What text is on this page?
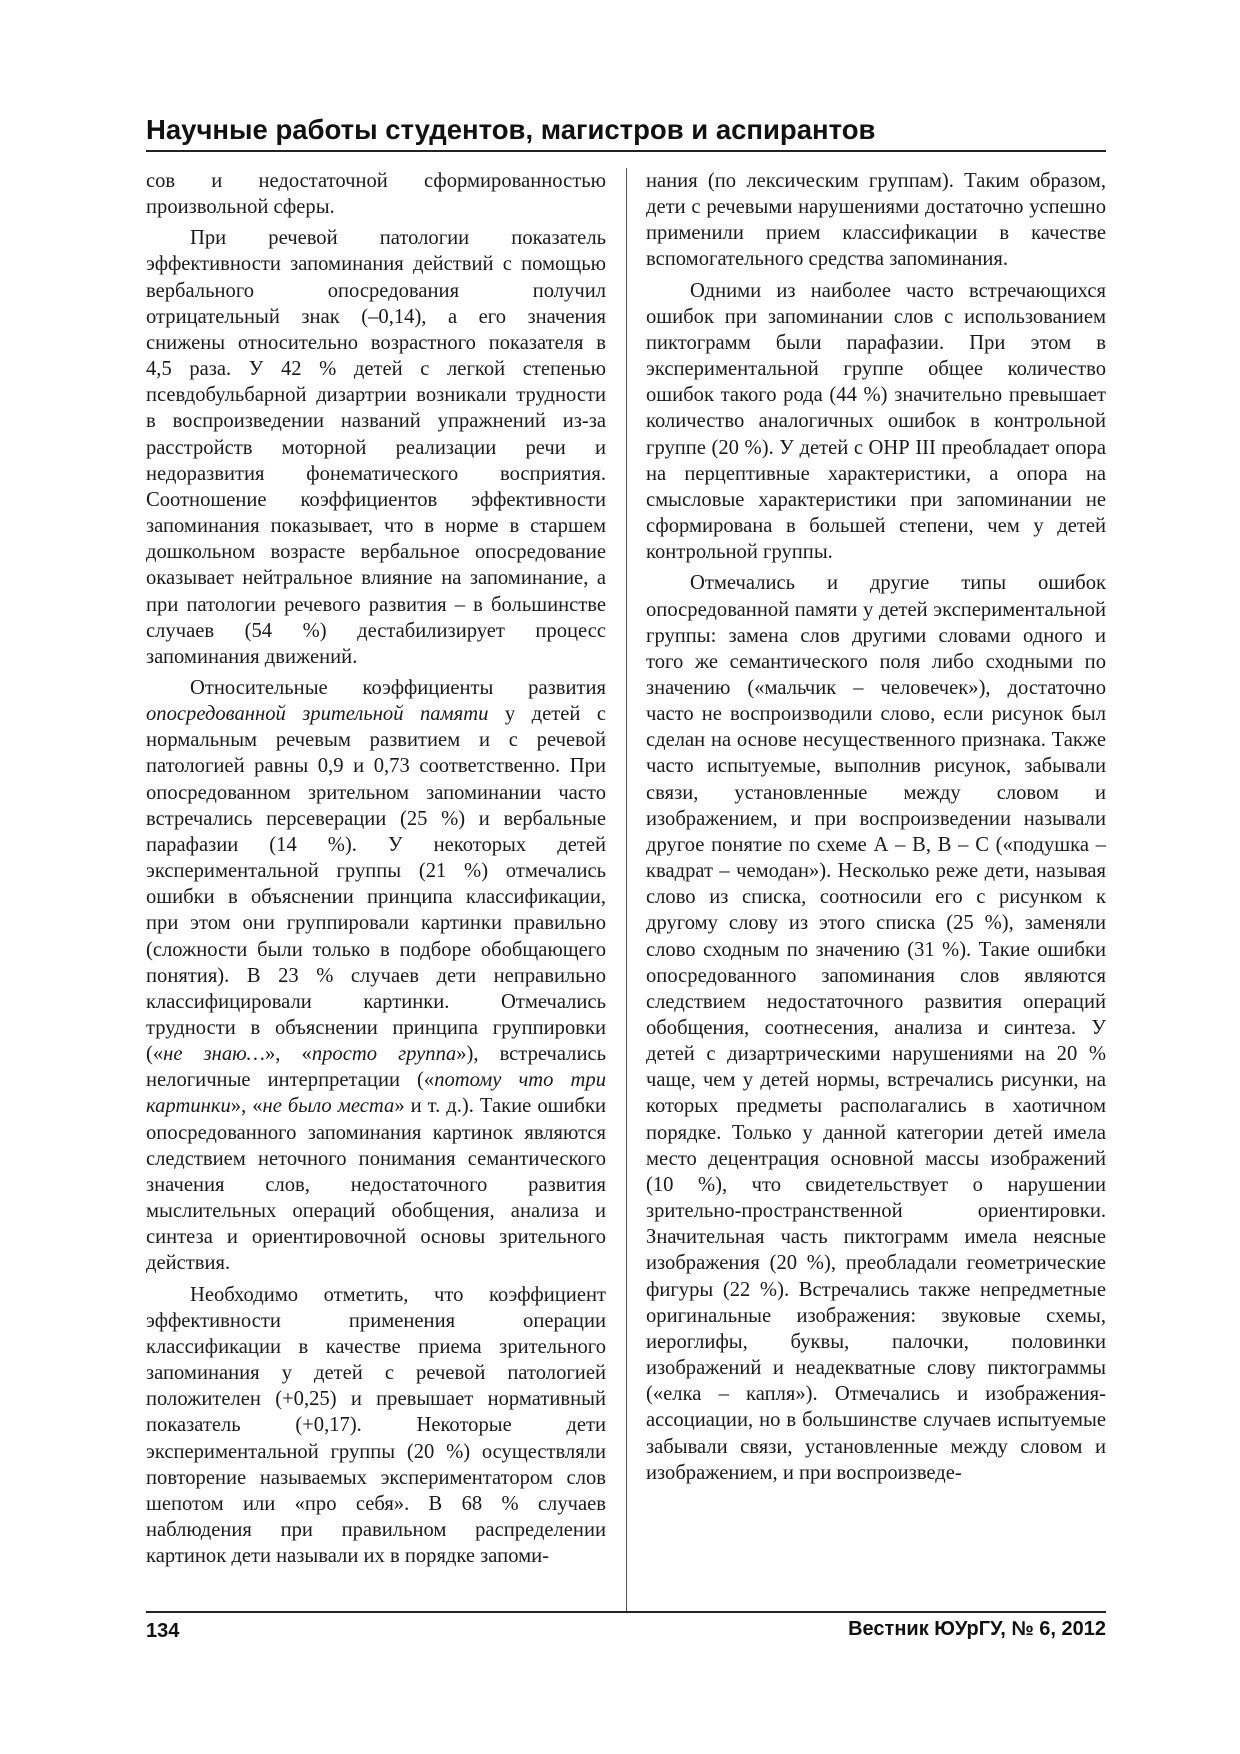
Научные работы студентов, магистров и аспирантов

сов и недостаточной сформированностью произвольной сферы.

При речевой патологии показатель эффективности запоминания действий с помощью вербального опосредования получил отрицательный знак (–0,14), а его значения снижены относительно возрастного показателя в 4,5 раза. У 42 % детей с легкой степенью псевдобульбарной дизартрии возникали трудности в воспроизведении названий упражнений из-за расстройств моторной реализации речи и недоразвития фонематического восприятия. Соотношение коэффициентов эффективности запоминания показывает, что в норме в старшем дошкольном возрасте вербальное опосредование оказывает нейтральное влияние на запоминание, а при патологии речевого развития – в большинстве случаев (54 %) дестабилизирует процесс запоминания движений.

Относительные коэффициенты развития опосредованной зрительной памяти у детей с нормальным речевым развитием и с речевой патологией равны 0,9 и 0,73 соответственно. При опосредованном зрительном запоминании часто встречались персеверации (25 %) и вербальные парафазии (14 %). У некоторых детей экспериментальной группы (21 %) отмечались ошибки в объяснении принципа классификации, при этом они группировали картинки правильно (сложности были только в подборе обобщающего понятия). В 23 % случаев дети неправильно классифицировали картинки. Отмечались трудности в объяснении принципа группировки («не знаю…», «просто группа»), встречались нелогичные интерпретации («потому что три картинки», «не было места» и т. д.). Такие ошибки опосредованного запоминания картинок являются следствием неточного понимания семантического значения слов, недостаточного развития мыслительных операций обобщения, анализа и синтеза и ориентировочной основы зрительного действия.

Необходимо отметить, что коэффициент эффективности применения операции классификации в качестве приема зрительного запоминания у детей с речевой патологией положителен (+0,25) и превышает нормативный показатель (+0,17). Некоторые дети экспериментальной группы (20 %) осуществляли повторение называемых экспериментатором слов шепотом или «про себя». В 68 % случаев наблюдения при правильном распределении картинок дети называли их в порядке запоми-

нания (по лексическим группам). Таким образом, дети с речевыми нарушениями достаточно успешно применили прием классификации в качестве вспомогательного средства запоминания.

Одними из наиболее часто встречающихся ошибок при запоминании слов с использованием пиктограмм были парафазии. При этом в экспериментальной группе общее количество ошибок такого рода (44 %) значительно превышает количество аналогичных ошибок в контрольной группе (20 %). У детей с ОНР III преобладает опора на перцептивные характеристики, а опора на смысловые характеристики при запоминании не сформирована в большей степени, чем у детей контрольной группы.

Отмечались и другие типы ошибок опосредованной памяти у детей экспериментальной группы: замена слов другими словами одного и того же семантического поля либо сходными по значению («мальчик – человечек»), достаточно часто не воспроизводили слово, если рисунок был сделан на основе несущественного признака. Также часто испытуемые, выполнив рисунок, забывали связи, установленные между словом и изображением, и при воспроизведении называли другое понятие по схеме А – В, В – С («подушка – квадрат – чемодан»). Несколько реже дети, называя слово из списка, соотносили его с рисунком к другому слову из этого списка (25 %), заменяли слово сходным по значению (31 %). Такие ошибки опосредованного запоминания слов являются следствием недостаточного развития операций обобщения, соотнесения, анализа и синтеза. У детей с дизартрическими нарушениями на 20 % чаще, чем у детей нормы, встречались рисунки, на которых предметы располагались в хаотичном порядке. Только у данной категории детей имела место децентрация основной массы изображений (10 %), что свидетельствует о нарушении зрительно-пространственной ориентировки. Значительная часть пиктограмм имела неясные изображения (20 %), преобладали геометрические фигуры (22 %). Встречались также непредметные оригинальные изображения: звуковые схемы, иероглифы, буквы, палочки, половинки изображений и неадекватные слову пиктограммы («елка – капля»). Отмечались и изображения-ассоциации, но в большинстве случаев испытуемые забывали связи, установленные между словом и изображением, и при воспроизведе-

134	Вестник ЮУрГУ, № 6, 2012
